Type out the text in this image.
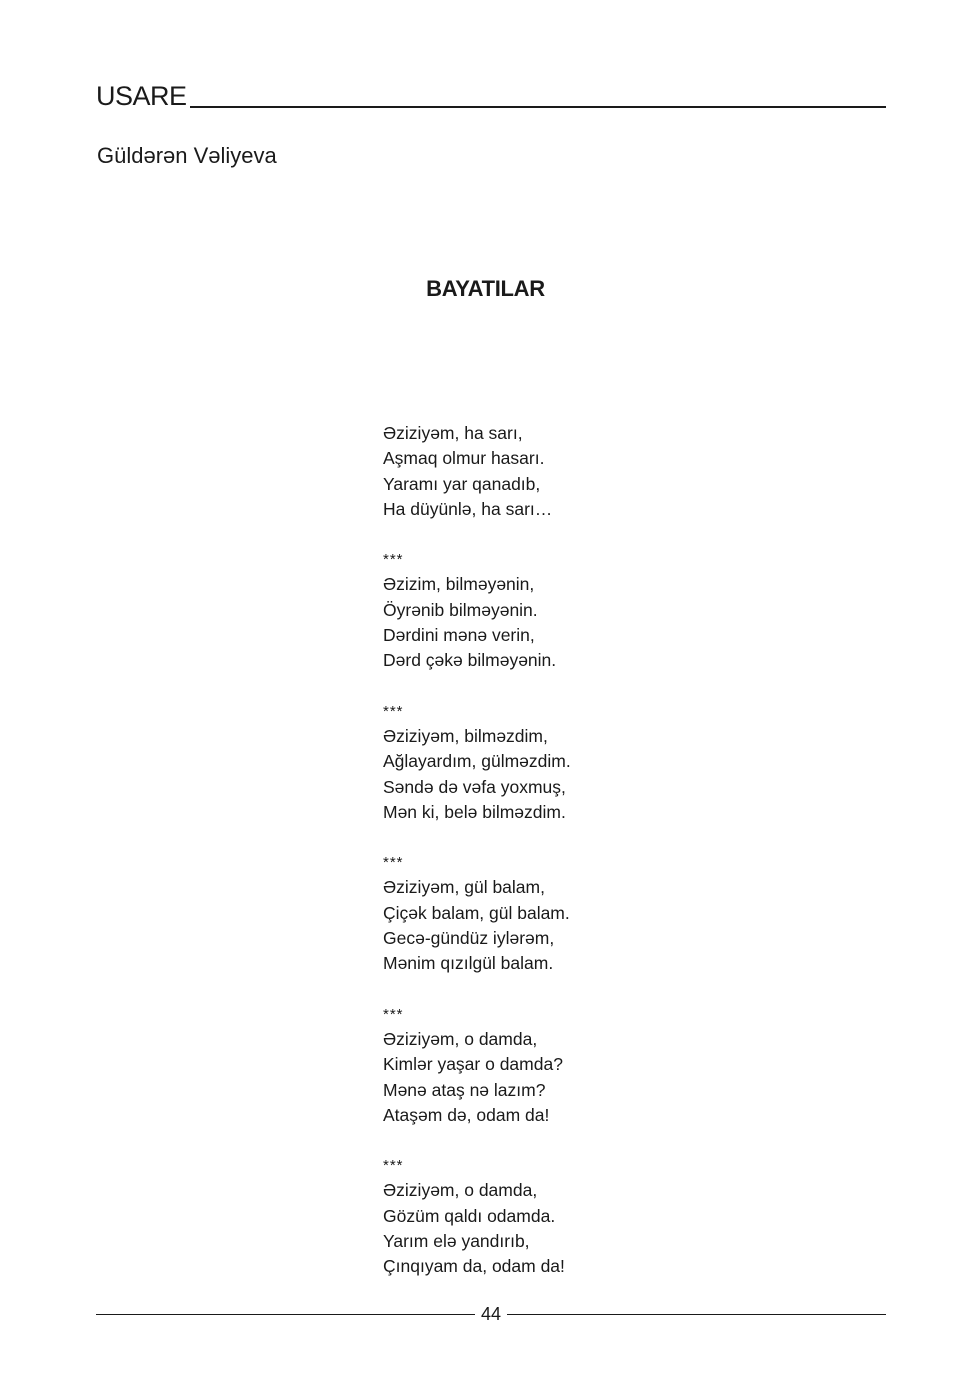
USARE
Güldərən Vəliyeva
BAYATILAR
Əziziyəm, ha sarı,
Aşmaq olmur hasarı.
Yaramı yar qanadıb,
Ha düyünlə, ha sarı…
***
Əzizim, bilməyənin,
Öyrənib bilməyənin.
Dərdini mənə verin,
Dərd çəkə bilməyənin.
***
Əziziyəm, bilməzdim,
Ağlayardım, gülməzdim.
Səndə də vəfa yoxmuş,
Mən ki, belə bilməzdim.
***
Əziziyəm, gül balam,
Çiçək balam, gül balam.
Gecə-gündüz iylərəm,
Mənim qızılgül balam.
***
Əziziyəm, o damda,
Kimlər yaşar o damda?
Mənə ataş nə lazım?
Ataşəm də, odam da!
***
Əziziyəm, o damda,
Gözüm qaldı odamda.
Yarım elə yandırıb,
Çınqıyam da, odam da!
44
